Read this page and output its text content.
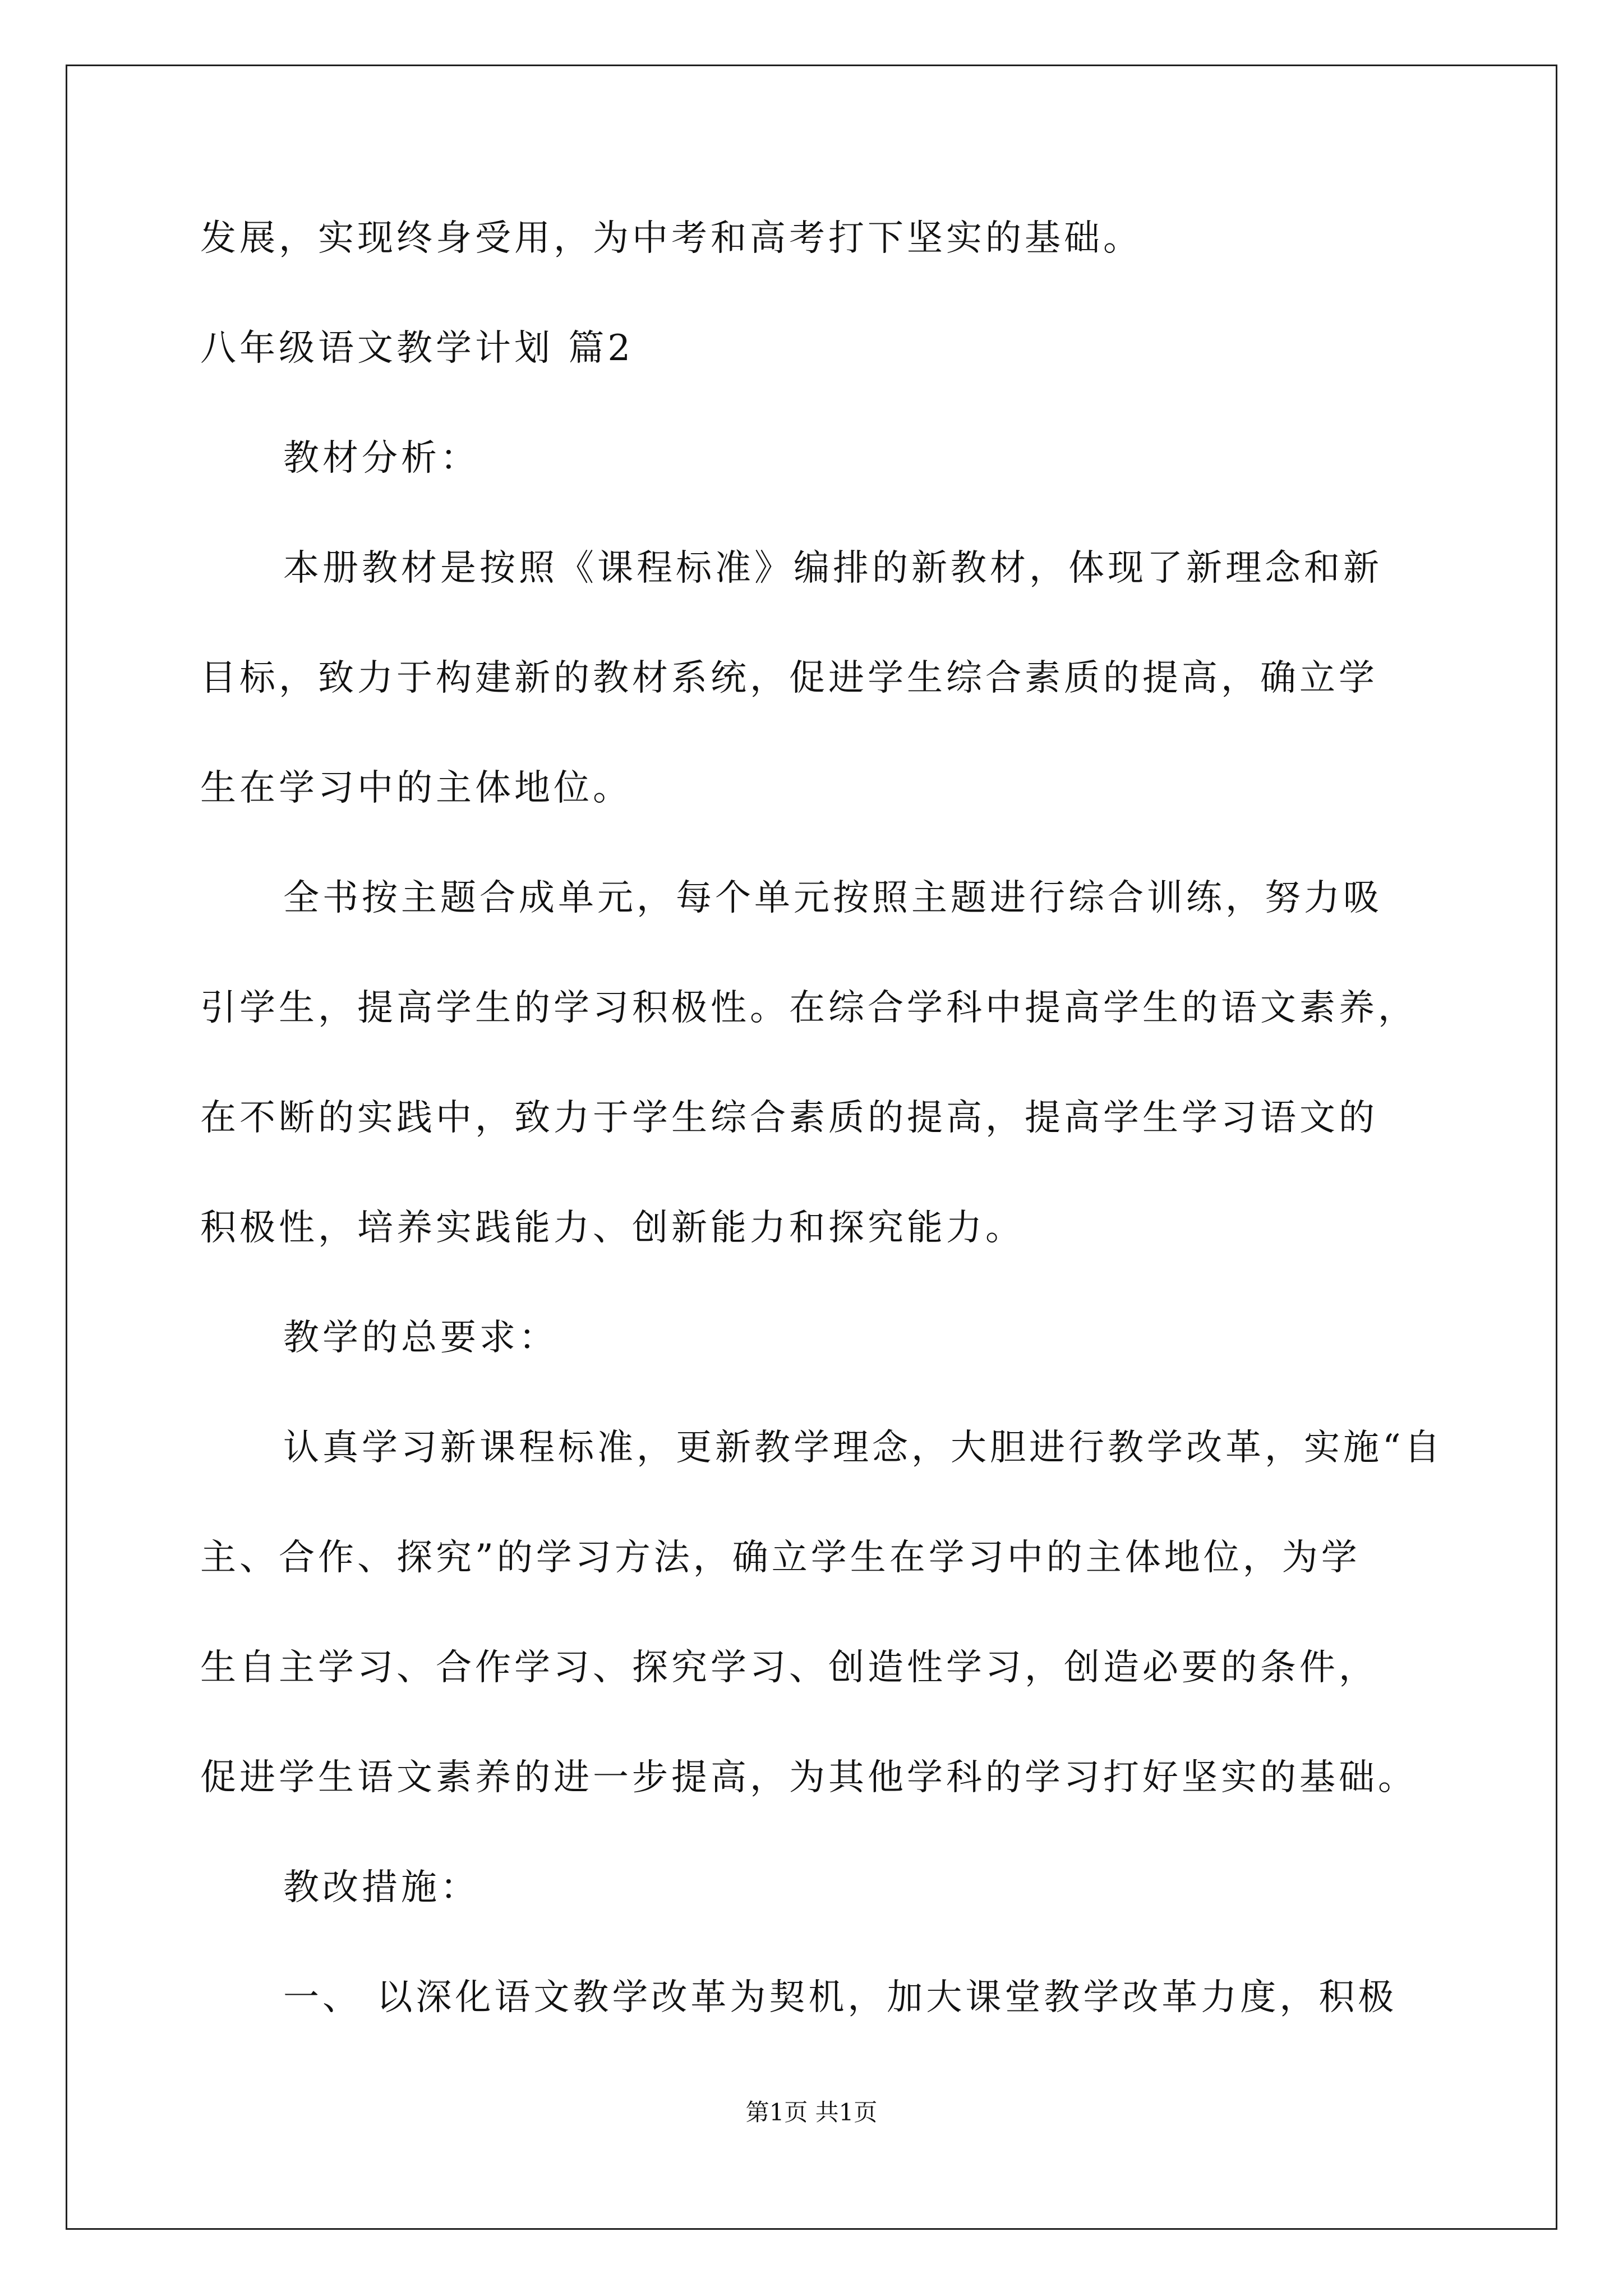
发展，实现终身受用，为中考和高考打下坚实的基础。
八年级语文教学计划 篇2
教材分析：
本册教材是按照《课程标准》编排的新教材，体现了新理念和新
目标，致力于构建新的教材系统，促进学生综合素质的提高，确立学
生在学习中的主体地位。
全书按主题合成单元，每个单元按照主题进行综合训练，努力吸
引学生，提高学生的学习积极性。在综合学科中提高学生的语文素养，
在不断的实践中，致力于学生综合素质的提高，提高学生学习语文的
积极性，培养实践能力、创新能力和探究能力。
教学的总要求：
认真学习新课程标准，更新教学理念，大胆进行教学改革，实施“自
主、合作、探究”的学习方法，确立学生在学习中的主体地位，为学
生自主学习、合作学习、探究学习、创造性学习，创造必要的条件，
促进学生语文素养的进一步提高，为其他学科的学习打好坚实的基础。
教改措施：
一、 以深化语文教学改革为契机，加大课堂教学改革力度，积极
第1页 共1页
